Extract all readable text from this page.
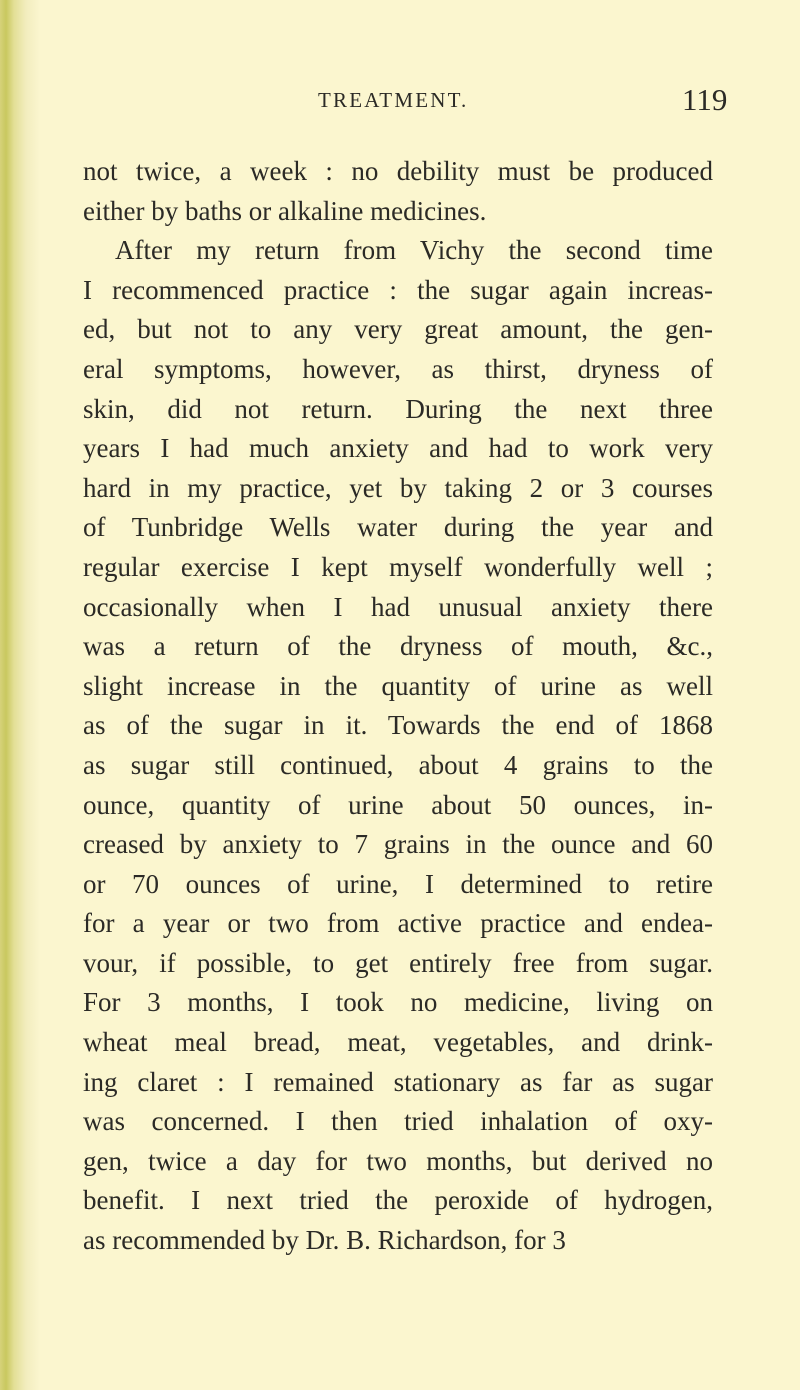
TREATMENT.	119
not twice, a week : no debility must be produced
either by baths or alkaline medicines.
After my return from Vichy the second time
I recommenced practice : the sugar again increas-
ed, but not to any very great amount, the gen-
eral symptoms, however, as thirst, dryness of
skin, did not return. During the next three
years I had much anxiety and had to work very
hard in my practice, yet by taking 2 or 3 courses
of Tunbridge Wells water during the year and
regular exercise I kept myself wonderfully well ;
occasionally when I had unusual anxiety there
was a return of the dryness of mouth, &c.,
slight increase in the quantity of urine as well
as of the sugar in it. Towards the end of 1868
as sugar still continued, about 4 grains to the
ounce, quantity of urine about 50 ounces, in-
creased by anxiety to 7 grains in the ounce and 60
or 70 ounces of urine, I determined to retire
for a year or two from active practice and endea-
vour, if possible, to get entirely free from sugar.
For 3 months, I took no medicine, living on
wheat meal bread, meat, vegetables, and drink-
ing claret : I remained stationary as far as sugar
was concerned. I then tried inhalation of oxy-
gen, twice a day for two months, but derived no
benefit. I next tried the peroxide of hydrogen,
as recommended by Dr. B. Richardson, for 3
